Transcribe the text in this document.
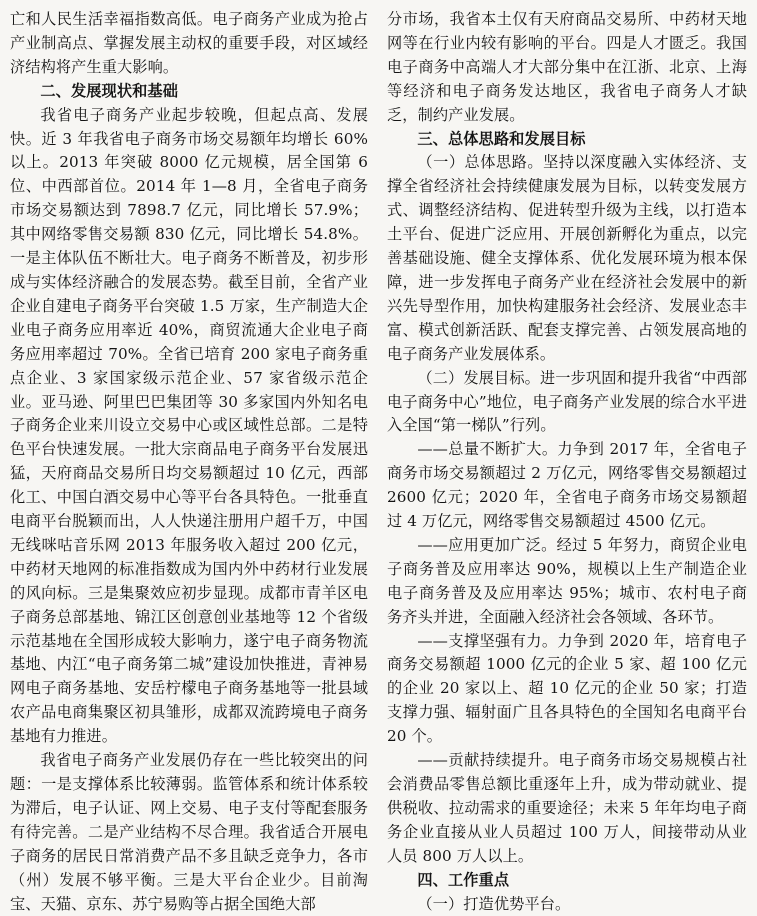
亡和人民生活幸福指数高低。电子商务产业成为抢占产业制高点、掌握发展主动权的重要手段，对区域经济结构将产生重大影响。

二、发展现状和基础

我省电子商务产业起步较晚，但起点高、发展快。近 3 年我省电子商务市场交易额年均增长 60%以上。2013 年突破 8000 亿元规模，居全国第 6 位、中西部首位。2014 年 1—8 月，全省电子商务市场交易额达到 7898.7 亿元，同比增长 57.9%；其中网络零售交易额 830 亿元，同比增长 54.8%。一是主体队伍不断壮大。电子商务不断普及，初步形成与实体经济融合的发展态势。截至目前，全省产业企业自建电子商务平台突破 1.5 万家，生产制造大企业电子商务应用率近 40%，商贸流通大企业电子商务应用率超过 70%。全省已培育 200 家电子商务重点企业、3 家国家级示范企业、57 家省级示范企业。亚马逊、阿里巴巴集团等 30 多家国内外知名电子商务企业来川设立交易中心或区域性总部。二是特色平台快速发展。一批大宗商品电子商务平台发展迅猛，天府商品交易所日均交易额超过 10 亿元，西部化工、中国白酒交易中心等平台各具特色。一批垂直电商平台脱颖而出，人人快递注册用户超千万，中国无线咪咕音乐网 2013 年服务收入超过 200 亿元，中药材天地网的标准指数成为国内外中药材行业发展的风向标。三是集聚效应初步显现。成都市青羊区电子商务总部基地、锦江区创意创业基地等 12 个省级示范基地在全国形成较大影响力，遂宁电子商务物流基地、内江“电子商务第二城”建设加快推进，青神易网电子商务基地、安岳柠檬电子商务基地等一批县域农产品电商集聚区初具雏形，成都双流跨境电子商务基地有力推进。

我省电子商务产业发展仍存在一些比较突出的问题：一是支撑体系比较薄弱。监管体系和统计体系较为滞后，电子认证、网上交易、电子支付等配套服务有待完善。二是产业结构不尽合理。我省适合开展电子商务的居民日常消费产品不多且缺乏竞争力，各市（州）发展不够平衡。三是大平台企业少。目前淘宝、天猫、京东、苏宁易购等占据全国绝大部

分市场，我省本土仅有天府商品交易所、中药材天地网等在行业内较有影响的平台。四是人才匮乏。我国电子商务中高端人才大部分集中在江浙、北京、上海等经济和电子商务发达地区，我省电子商务人才缺乏，制约产业发展。

三、总体思路和发展目标

（一）总体思路。坚持以深度融入实体经济、支撑全省经济社会持续健康发展为目标，以转变发展方式、调整经济结构、促进转型升级为主线，以打造本土平台、促进广泛应用、开展创新孵化为重点，以完善基础设施、健全支撑体系、优化发展环境为根本保障，进一步发挥电子商务产业在经济社会发展中的新兴先导型作用，加快构建服务社会经济、发展业态丰富、模式创新活跃、配套支撑完善、占领发展高地的电子商务产业发展体系。

（二）发展目标。进一步巩固和提升我省“中西部电子商务中心”地位，电子商务产业发展的综合水平进入全国“第一梯队”行列。

——总量不断扩大。力争到 2017 年，全省电子商务市场交易额超过 2 万亿元，网络零售交易额超过 2600 亿元；2020 年，全省电子商务市场交易额超过 4 万亿元，网络零售交易额超过 4500 亿元。

——应用更加广泛。经过 5 年努力，商贸企业电子商务普及应用率达 90%，规模以上生产制造企业电子商务普及及应用率达 95%；城市、农村电子商务齐头并进，全面融入经济社会各领域、各环节。

——支撑坚强有力。力争到 2020 年，培育电子商务交易额超 1000 亿元的企业 5 家、超 100 亿元的企业 20 家以上、超 10 亿元的企业 50 家；打造支撑力强、辐射面广且各具特色的全国知名电商平台 20 个。

——贡献持续提升。电子商务市场交易规模占社会消费品零售总额比重逐年上升，成为带动就业、提供税收、拉动需求的重要途径；未来 5 年年均电子商务企业直接从业人员超过 100 万人，间接带动从业人员 800 万人以上。

四、工作重点

（一）打造优势平台。
